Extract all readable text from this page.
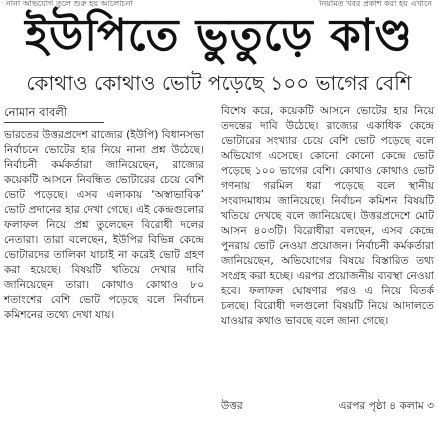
নানা অভিযোগ তুলে শুরু হয় আলোচনা	নিয়মিত খবর প্রকাশ করা হয় এখানে
ইউপিতে ভুতুড়ে কাণ্ড
কোথাও কোথাও ভোট পড়েছে ১০০ ভাগের বেশি
নোমান বাবলী

ভারতের উত্তরপ্রদেশ রাজ্যের (ইউপি) বিধানসভা নির্বাচনে ভোটের হার নিয়ে নানা প্রশ্ন উঠেছে। নির্বাচনী কর্মকর্তারা জানিয়েছেন, রাজ্যের কয়েকটি আসনে নিবন্ধিত ভোটারের চেয়ে বেশি ভোট পড়েছে। এসব এলাকায় ‘অস্বাভাবিক’ ভোট প্রদানের হার দেখা গেছে। এই কেন্দ্রগুলোর ফলাফল নিয়ে প্রশ্ন তুলেছেন বিরোধী দলের নেতারা। তারা বলেছেন, ইউপির বিভিন্ন কেন্দ্রে ভোটারদের তালিকা যাচাই না করেই ভোট গ্রহণ করা হয়েছে। বিষয়টি খতিয়ে দেখার দাবি জানিয়েছেন তারা। কোথাও কোথাও ৮০ শতাংশের বেশি ভোট পড়েছে বলে নির্বাচন কমিশনের তথ্যে দেখা যায়।

বিশেষ করে, কয়েকটি আসনে ভোটের হার নিয়ে তদন্তের দাবি উঠেছে। রাজ্যের একাধিক কেন্দ্রে ভোটারের সংখ্যার চেয়ে বেশি ভোট পড়েছে বলে অভিযোগ এসেছে। কোনো কোনো কেন্দ্রে ভোট পড়েছে ১০০ ভাগের বেশি। কোথাও কোথাও ভোট গণনায় গরমিল ধরা পড়েছে বলে স্থানীয় সংবাদমাধ্যম জানিয়েছে। নির্বাচন কমিশন বিষয়টি খতিয়ে দেখছে বলে জানিয়েছে। উত্তরপ্রদেশে মোট আসন ৪০৩টি। বিরোধীরা বলছেন, এসব কেন্দ্রে পুনরায় ভোট নেওয়া প্রয়োজন। নির্বাচনী কর্মকর্তারা জানিয়েছেন, অভিযোগের বিষয়ে বিস্তারিত তথ্য সংগ্রহ করা হচ্ছে। এরপর প্রয়োজনীয় ব্যবস্থা নেওয়া হবে। ফলাফল ঘোষণার পরও এ নিয়ে বিতর্ক চলছে। বিরোধী দলগুলো বিষয়টি নিয়ে আদালতে যাওয়ার কথাও ভাবছে বলে জানা গেছে।

উত্তর	এরপর পৃষ্ঠা ৪ কলাম ৩
